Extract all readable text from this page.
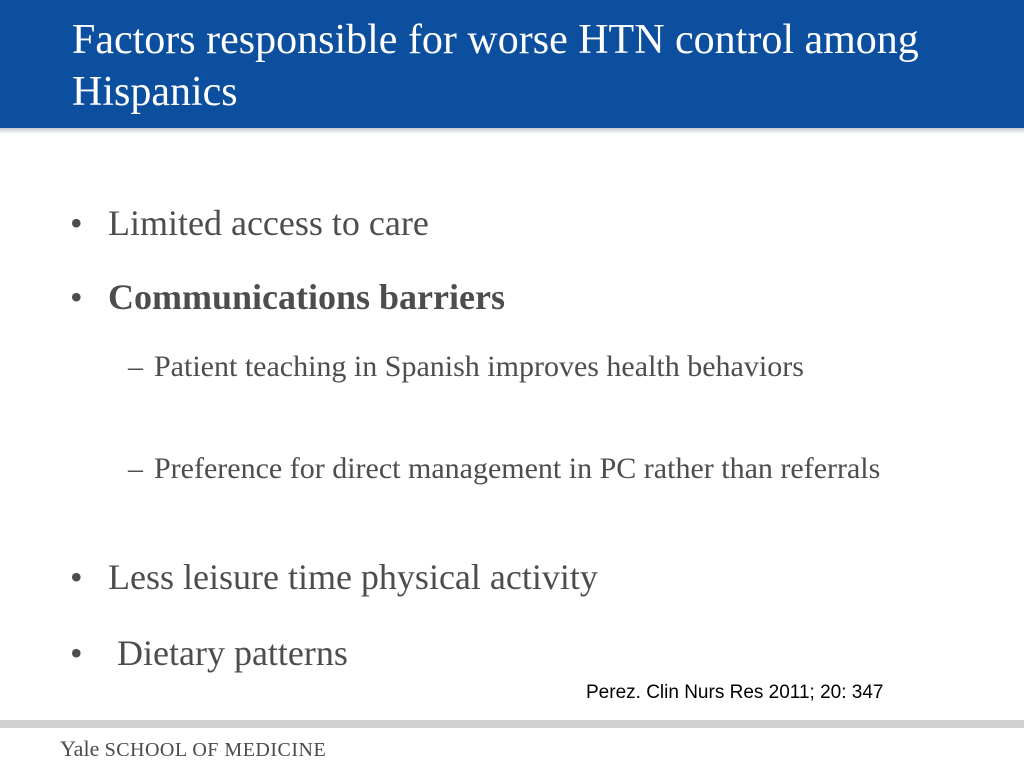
Factors responsible for worse HTN control among Hispanics
• Limited access to care
• Communications barriers
– Patient teaching in Spanish improves health behaviors
– Preference for direct management in PC rather than referrals
• Less leisure time physical activity
• Dietary patterns
Perez. Clin Nurs Res 2011; 20: 347
Yale SCHOOL OF MEDICINE
